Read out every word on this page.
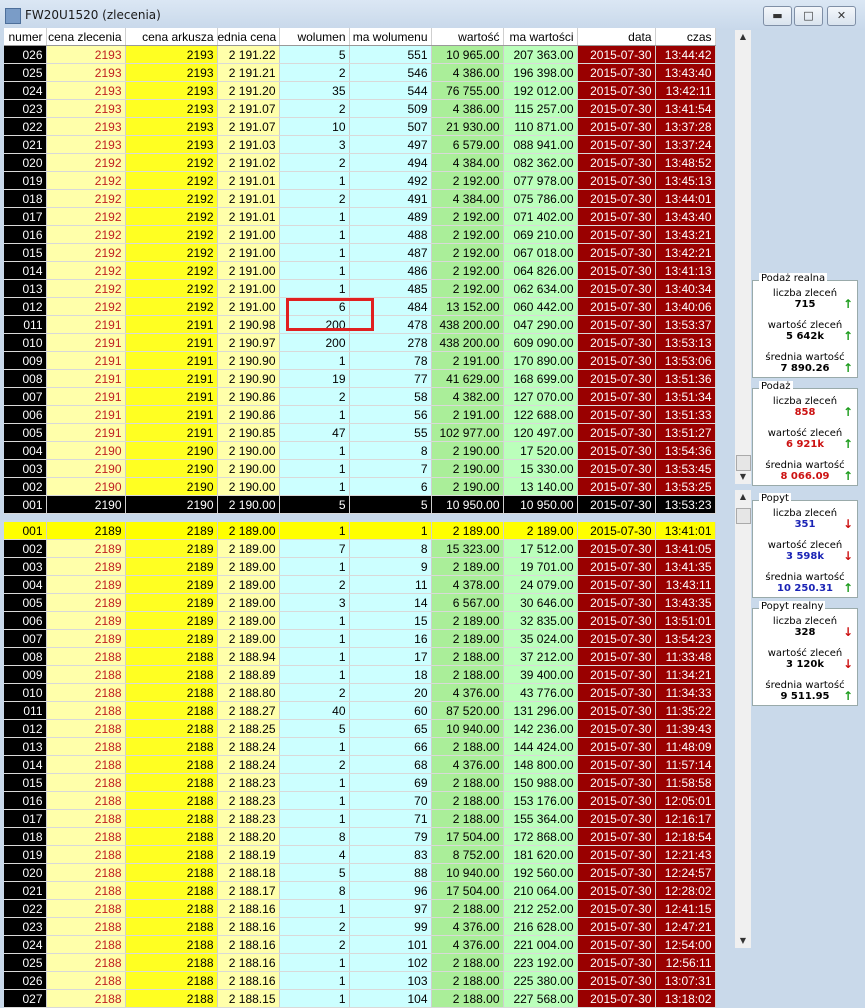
FW20U1520 (zlecenia)	▬	□	✕
numer	cena zlecenia	cena arkusza	ednia cena	wolumen	ma wolumenu	wartość	ma wartości	data	czas
026	2193	2193	2 191.22	5	551	10 965.00	207 363.00	2015-07-30	13:44:42
025	2193	2193	2 191.21	2	546	4 386.00	196 398.00	2015-07-30	13:43:40
024	2193	2193	2 191.20	35	544	76 755.00	192 012.00	2015-07-30	13:42:11
023	2193	2193	2 191.07	2	509	4 386.00	115 257.00	2015-07-30	13:41:54
022	2193	2193	2 191.07	10	507	21 930.00	110 871.00	2015-07-30	13:37:28
021	2193	2193	2 191.03	3	497	6 579.00	088 941.00	2015-07-30	13:37:24
020	2192	2192	2 191.02	2	494	4 384.00	082 362.00	2015-07-30	13:48:52
019	2192	2192	2 191.01	1	492	2 192.00	077 978.00	2015-07-30	13:45:13
018	2192	2192	2 191.01	2	491	4 384.00	075 786.00	2015-07-30	13:44:01
017	2192	2192	2 191.01	1	489	2 192.00	071 402.00	2015-07-30	13:43:40
016	2192	2192	2 191.00	1	488	2 192.00	069 210.00	2015-07-30	13:43:21
015	2192	2192	2 191.00	1	487	2 192.00	067 018.00	2015-07-30	13:42:21
014	2192	2192	2 191.00	1	486	2 192.00	064 826.00	2015-07-30	13:41:13
013	2192	2192	2 191.00	1	485	2 192.00	062 634.00	2015-07-30	13:40:34
012	2192	2192	2 191.00	6	484	13 152.00	060 442.00	2015-07-30	13:40:06
011	2191	2191	2 190.98	200	478	438 200.00	047 290.00	2015-07-30	13:53:37
010	2191	2191	2 190.97	200	278	438 200.00	609 090.00	2015-07-30	13:53:13
009	2191	2191	2 190.90	1	78	2 191.00	170 890.00	2015-07-30	13:53:06
008	2191	2191	2 190.90	19	77	41 629.00	168 699.00	2015-07-30	13:51:36
007	2191	2191	2 190.86	2	58	4 382.00	127 070.00	2015-07-30	13:51:34
006	2191	2191	2 190.86	1	56	2 191.00	122 688.00	2015-07-30	13:51:33
005	2191	2191	2 190.85	47	55	102 977.00	120 497.00	2015-07-30	13:51:27
004	2190	2190	2 190.00	1	8	2 190.00	17 520.00	2015-07-30	13:54:36
003	2190	2190	2 190.00	1	7	2 190.00	15 330.00	2015-07-30	13:53:45
002	2190	2190	2 190.00	1	6	2 190.00	13 140.00	2015-07-30	13:53:25
001	2190	2190	2 190.00	5	5	10 950.00	10 950.00	2015-07-30	13:53:23
001	2189	2189	2 189.00	1	1	2 189.00	2 189.00	2015-07-30	13:41:01
002	2189	2189	2 189.00	7	8	15 323.00	17 512.00	2015-07-30	13:41:05
003	2189	2189	2 189.00	1	9	2 189.00	19 701.00	2015-07-30	13:41:35
004	2189	2189	2 189.00	2	11	4 378.00	24 079.00	2015-07-30	13:43:11
005	2189	2189	2 189.00	3	14	6 567.00	30 646.00	2015-07-30	13:43:35
006	2189	2189	2 189.00	1	15	2 189.00	32 835.00	2015-07-30	13:51:01
007	2189	2189	2 189.00	1	16	2 189.00	35 024.00	2015-07-30	13:54:23
008	2188	2188	2 188.94	1	17	2 188.00	37 212.00	2015-07-30	11:33:48
009	2188	2188	2 188.89	1	18	2 188.00	39 400.00	2015-07-30	11:34:21
010	2188	2188	2 188.80	2	20	4 376.00	43 776.00	2015-07-30	11:34:33
011	2188	2188	2 188.27	40	60	87 520.00	131 296.00	2015-07-30	11:35:22
012	2188	2188	2 188.25	5	65	10 940.00	142 236.00	2015-07-30	11:39:43
013	2188	2188	2 188.24	1	66	2 188.00	144 424.00	2015-07-30	11:48:09
014	2188	2188	2 188.24	2	68	4 376.00	148 800.00	2015-07-30	11:57:14
015	2188	2188	2 188.23	1	69	2 188.00	150 988.00	2015-07-30	11:58:58
016	2188	2188	2 188.23	1	70	2 188.00	153 176.00	2015-07-30	12:05:01
017	2188	2188	2 188.23	1	71	2 188.00	155 364.00	2015-07-30	12:16:17
018	2188	2188	2 188.20	8	79	17 504.00	172 868.00	2015-07-30	12:18:54
019	2188	2188	2 188.19	4	83	8 752.00	181 620.00	2015-07-30	12:21:43
020	2188	2188	2 188.18	5	88	10 940.00	192 560.00	2015-07-30	12:24:57
021	2188	2188	2 188.17	8	96	17 504.00	210 064.00	2015-07-30	12:28:02
022	2188	2188	2 188.16	1	97	2 188.00	212 252.00	2015-07-30	12:41:15
023	2188	2188	2 188.16	2	99	4 376.00	216 628.00	2015-07-30	12:47:21
024	2188	2188	2 188.16	2	101	4 376.00	221 004.00	2015-07-30	12:54:00
025	2188	2188	2 188.16	1	102	2 188.00	223 192.00	2015-07-30	12:56:11
026	2188	2188	2 188.16	1	103	2 188.00	225 380.00	2015-07-30	13:07:31
027	2188	2188	2 188.15	1	104	2 188.00	227 568.00	2015-07-30	13:18:02
▲
▼
▲
▼
Podaż realna
liczba zleceń
715	↑
wartość zleceń
5 642k	↑
średnia wartość
7 890.26	↑
Podaż
liczba zleceń
858	↑
wartość zleceń
6 921k	↑
średnia wartość
8 066.09	↑
Popyt
liczba zleceń
351	↓
wartość zleceń
3 598k	↓
średnia wartość
10 250.31 ↑
Popyt realny
liczba zleceń
328	↓
wartość zleceń
3 120k	↓
średnia wartość
9 511.95	↑
